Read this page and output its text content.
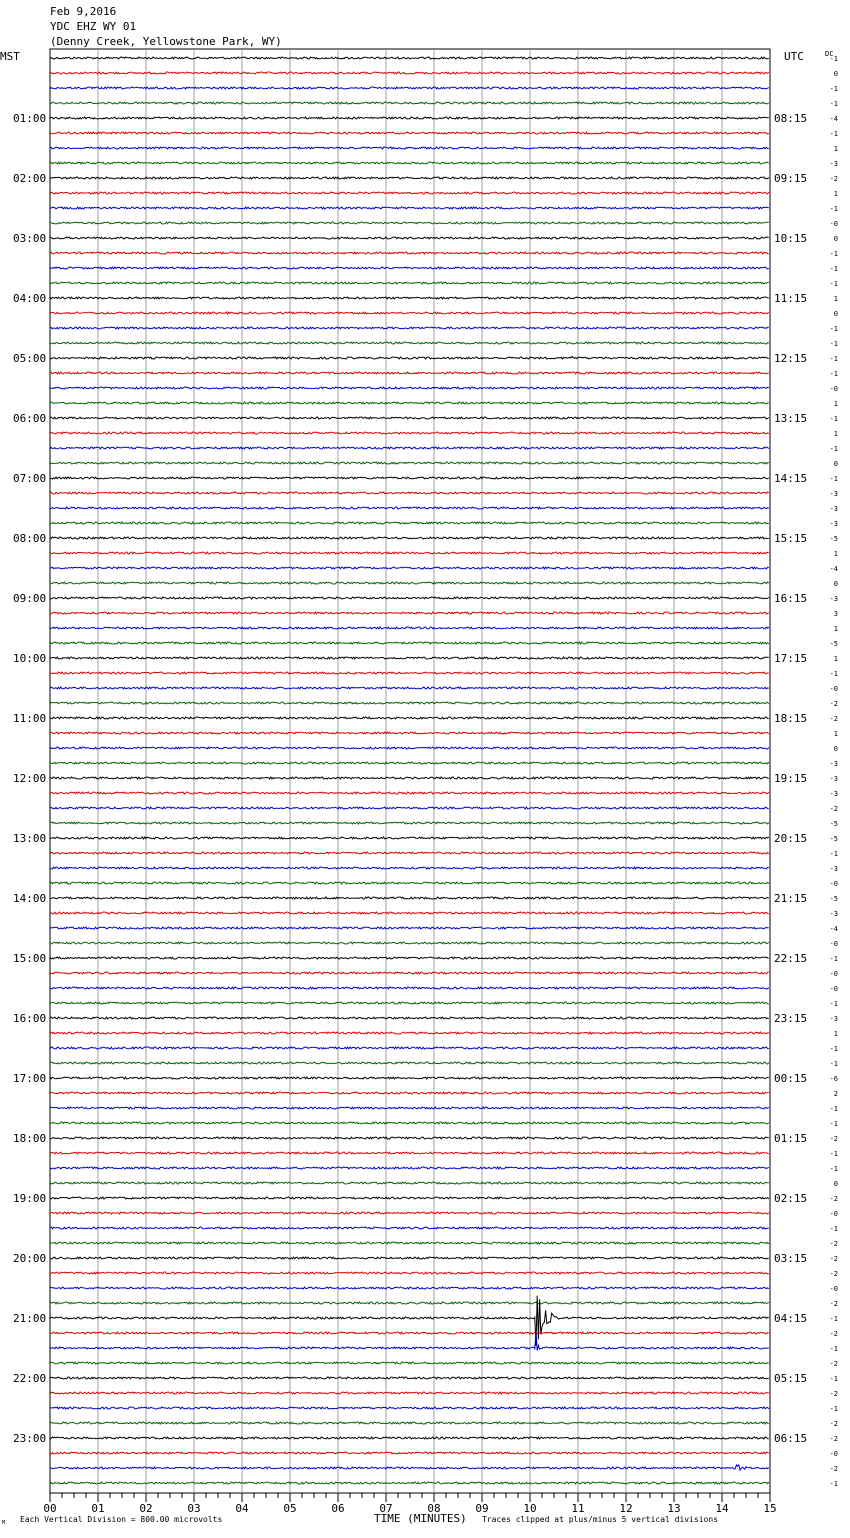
Feb 9,2016
YDC EHZ WY 01
(Denny Creek, Yellowstone Park, WY)
MST	UTC	DC
M Each Vertical Division = 800.00 microvolts	TIME (MINUTES) Traces clipped at plus/minus 5 vertical divisions
-1
0
-1
-1
-4
-1
1
-3
-2
1
-1
-0
0
-1
-1
-1
1
0
-1
-1
-1
-1
-0
1
-1
1
-1
0
-1
-3
-3
-3
-5
1
-4
0
-3
3
1
-5
1
-1
-0
-2
-2
1
0
-3
-3
-3
-2
-5
-5
-1
-3
-0
-5
-3
-4
-0
-1
-0
-0
-1
-3
1
-1
-1
-6
2
-1
-1
-2
-1
-1
0
-2
-0
-1
-2
-2
-2
-0
-2
-1
-2
-1
-2
-1
-2
-1
-2
-2
-0
-2
-1
01:00
02:00
03:00
04:00
05:00
06:00
07:00
08:00
09:00
10:00
11:00
12:00
13:00
14:00
15:00
16:00
17:00
18:00
19:00
20:00
21:00
22:00
23:00
08:15
09:15
10:15
11:15
12:15
13:15
14:15
15:15
16:15
17:15
18:15
19:15
20:15
21:15
22:15
23:15
00:15
01:15
02:15
03:15
04:15
05:15
06:15
00	01	02	03	04	05	06	07	08	09	10	11	12	13	14	15
